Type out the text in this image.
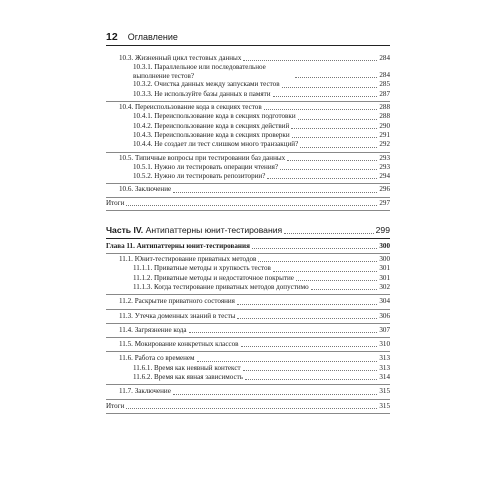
12 Оглавление
10.3. Жизненный цикл тестовых данных	284
10.3.1. Параллельное или последовательное выполнение тестов?	284
10.3.2. Очистка данных между запусками тестов	285
10.3.3. Не используйте базы данных в памяти	287
10.4. Переиспользование кода в секциях тестов	288
10.4.1. Переиспользование кода в секциях подготовки	288
10.4.2. Переиспользование кода в секциях действий	290
10.4.3. Переиспользование кода в секциях проверки	291
10.4.4. Не создает ли тест слишком много транзакций?	292
10.5. Типичные вопросы при тестировании баз данных	293
10.5.1. Нужно ли тестировать операции чтения?	293
10.5.2. Нужно ли тестировать репозитории?	294
10.6. Заключение	296
Итоги	297
Часть IV. Антипаттерны юнит-тестирования	299
Глава 11. Антипаттерны юнит-тестирования	300
11.1. Юнит-тестирование приватных методов	300
11.1.1. Приватные методы и хрупкость тестов	301
11.1.2. Приватные методы и недостаточное покрытие	301
11.1.3. Когда тестирование приватных методов допустимо	302
11.2. Раскрытие приватного состояния	304
11.3. Утечка доменных знаний в тесты	306
11.4. Загрязнение кода	307
11.5. Мокирование конкретных классов	310
11.6. Работа со временем	313
11.6.1. Время как неявный контекст	313
11.6.2. Время как явная зависимость	314
11.7. Заключение	315
Итоги	315
